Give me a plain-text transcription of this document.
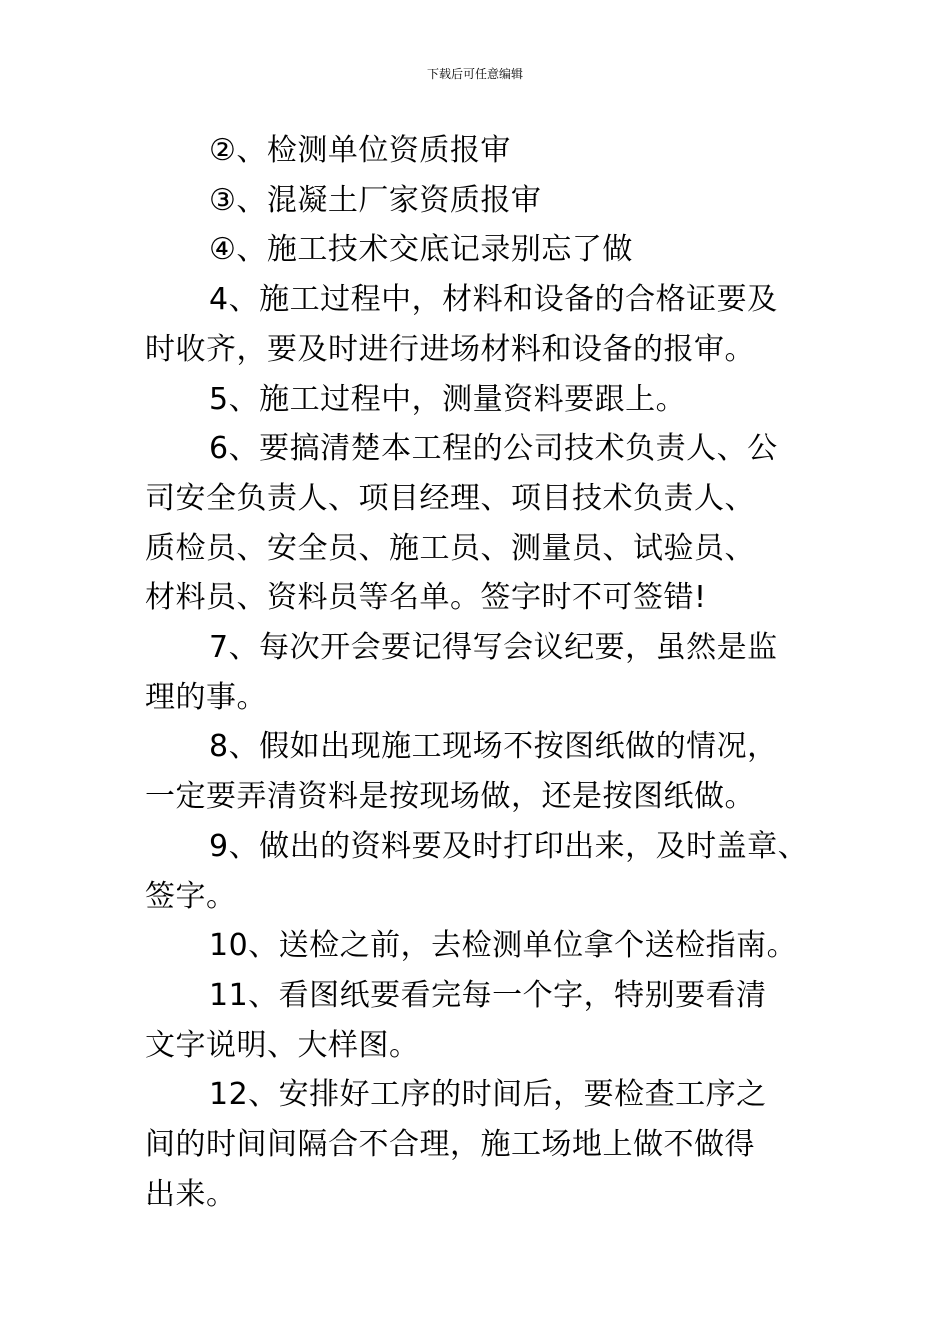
下载后可任意编辑
②、检测单位资质报审
③、混凝土厂家资质报审
④、施工技术交底记录别忘了做
4、施工过程中，材料和设备的合格证要及
时收齐，要及时进行进场材料和设备的报审。
5、施工过程中，测量资料要跟上。
6、要搞清楚本工程的公司技术负责人、公
司安全负责人、项目经理、项目技术负责人、
质检员、安全员、施工员、测量员、试验员、
材料员、资料员等名单。签字时不可签错!
7、每次开会要记得写会议纪要，虽然是监
理的事。
8、假如出现施工现场不按图纸做的情况，
一定要弄清资料是按现场做，还是按图纸做。
9、做出的资料要及时打印出来，及时盖章、
签字。
10、送检之前，去检测单位拿个送检指南。
11、看图纸要看完每一个字，特别要看清
文字说明、大样图。
12、安排好工序的时间后，要检查工序之
间的时间间隔合不合理，施工场地上做不做得
出来。
